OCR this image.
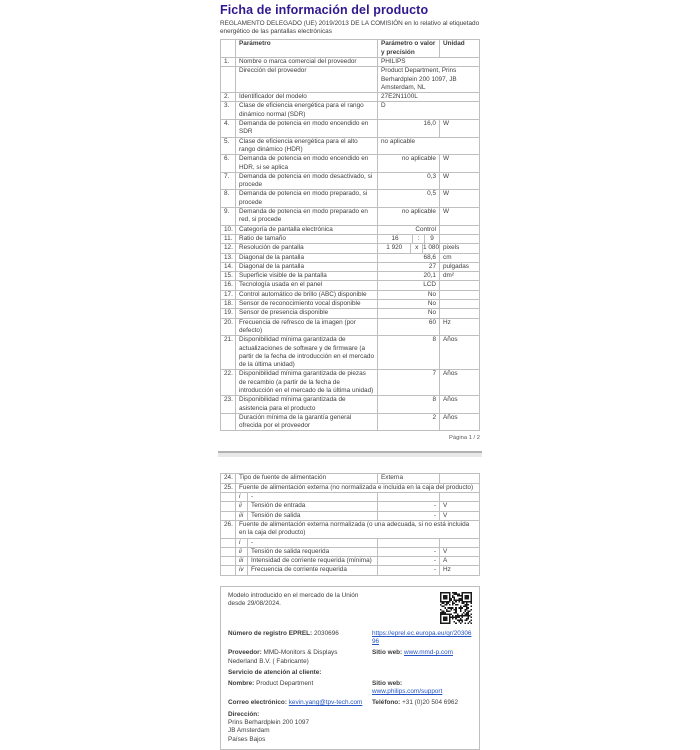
Ficha de información del producto
REGLAMENTO DELEGADO (UE) 2019/2013 DE LA COMISIÓN en lo relativo al etiquetado energético de las pantallas electrónicas
	Parámetro	Parámetro o valor y precisión	Unidad
1.	Nombre o marca comercial del proveedor	PHILIPS	
	Dirección del proveedor	Product Department, Prins Berhardplein 200 1097, JB Amsterdam, NL	
2.	Identificador del modelo	27E2N1100L	
3.	Clase de eficiencia energética para el rango dinámico normal (SDR)	D	
4.	Demanda de potencia en modo encendido en SDR	16,0	W
5.	Clase de eficiencia energética para el alto rango dinámico (HDR)	no aplicable	
6.	Demanda de potencia en modo encendido en HDR, si se aplica	no aplicable	W
7.	Demanda de potencia en modo desactivado, si procede	0,3	W
8.	Demanda de potencia en modo preparado, si procede	0,5	W
9.	Demanda de potencia en modo preparado en red, si procede	no aplicable	W
10.	Categoría de pantalla electrónica	Control	
11.	Ratio de tamaño	16 : 9	

12.	Resolución de pantalla	1 920 x 1 080	pixels
13.	Diagonal de la pantalla	68,6	cm
14.	Diagonal de la pantalla	27	pulgadas
15.	Superficie visible de la pantalla	20,1	dm²
16.	Tecnología usada en el panel	LCD	
17.	Control automático de brillo (ABC) disponible	No	
18.	Sensor de reconocimiento vocal disponible	No	
19.	Sensor de presencia disponible	No	
20.	Frecuencia de refresco de la imagen (por defecto)	60	Hz
21.	Disponibilidad mínima garantizada de actualizaciones de software y de firmware (a partir de la fecha de introducción en el mercado de la última unidad)	8	Años
22.	Disponibilidad mínima garantizada de piezas de recambio (a partir de la fecha de introducción en el mercado de la última unidad)	7	Años
23.	Disponibilidad mínima garantizada de asistencia para el producto	8	Años
	Duración mínima de la garantía general ofrecida por el proveedor	2	Años
Página 1 / 2
24.	Tipo de fuente de alimentación		Externa	
25.	Fuente de alimentación externa (no normalizada e incluida en la caja del producto)			
	i	-		
	ii	Tensión de entrada	-	V
	iii	Tensión de salida	-	V
26.	Fuente de alimentación externa normalizada (o una adecuada, si no está incluida en la caja del producto)			
	i	-		
	ii	Tensión de salida requerida	-	V
	iii	Intensidad de corriente requerida (mínima)	-	A
	iv	Frecuencia de corriente requerida	-	Hz
Modelo introducido en el mercado de la Unión desde 29/08/2024.
Número de registro EPREL: 2030696	https://eprel.ec.europa.eu/qr/2030696
Proveedor: MMD-Monitors & Displays Nederland B.V. ( Fabricante)
Sitio web: www.mmd-p.com
Servicio de atención al cliente:
Nombre: Product Department	Sitio web: www.philips.com/support
Correo electrónico: kevin.yang@tpv-tech.com	Teléfono: +31 (0)20 504 6962
Dirección:
Prins Berhardplein 200 1097
JB Amsterdam
Países Bajos
